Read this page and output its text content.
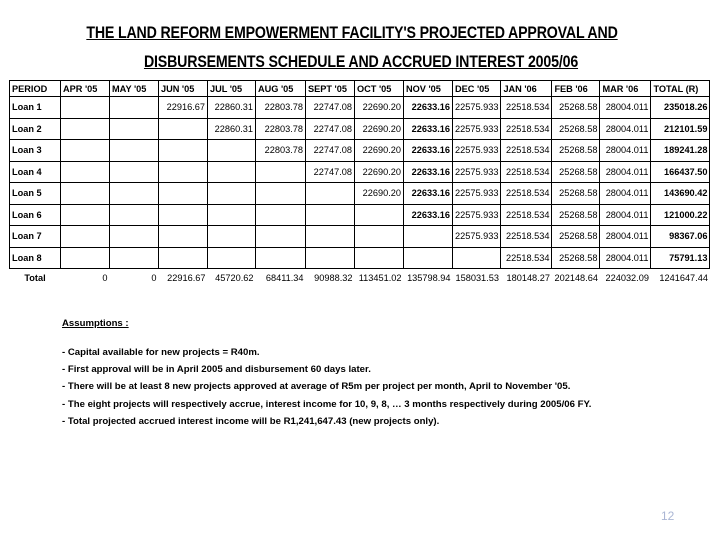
THE LAND REFORM EMPOWERMENT FACILITY'S PROJECTED APPROVAL AND
DISBURSEMENTS SCHEDULE AND ACCRUED INTEREST 2005/06
PERIOD	APR '05	MAY '05	JUN '05	JUL '05	AUG '05	SEPT '05	OCT '05	NOV '05	DEC '05	JAN '06	FEB '06	MAR '06	TOTAL (R)
Loan 1			22916.67	22860.31	22803.78	22747.08	22690.20	22633.16	22575.933	22518.534	25268.58	28004.011	235018.26
Loan 2				22860.31	22803.78	22747.08	22690.20	22633.16	22575.933	22518.534	25268.58	28004.011	212101.59
Loan 3					22803.78	22747.08	22690.20	22633.16	22575.933	22518.534	25268.58	28004.011	189241.28
Loan 4						22747.08	22690.20	22633.16	22575.933	22518.534	25268.58	28004.011	166437.50
Loan 5							22690.20	22633.16	22575.933	22518.534	25268.58	28004.011	143690.42
Loan 6								22633.16	22575.933	22518.534	25268.58	28004.011	121000.22
Loan 7									22575.933	22518.534	25268.58	28004.011	98367.06
Loan 8										22518.534	25268.58	28004.011	75791.13
Total	0	0	22916.67	45720.62	68411.34	90988.32	113451.02	135798.94	158031.53	180148.27	202148.64	224032.09	1241647.44
Assumptions :
- Capital available for new projects = R40m.
- First approval will be in April 2005 and disbursement 60 days later.
- There will be at least 8 new projects approved at average of R5m per project per month, April to November '05.
- The eight projects will respectively accrue, interest income for 10, 9, 8, … 3 months respectively during 2005/06 FY.
- Total projected accrued interest income will be R1,241,647.43 (new projects only).
12
